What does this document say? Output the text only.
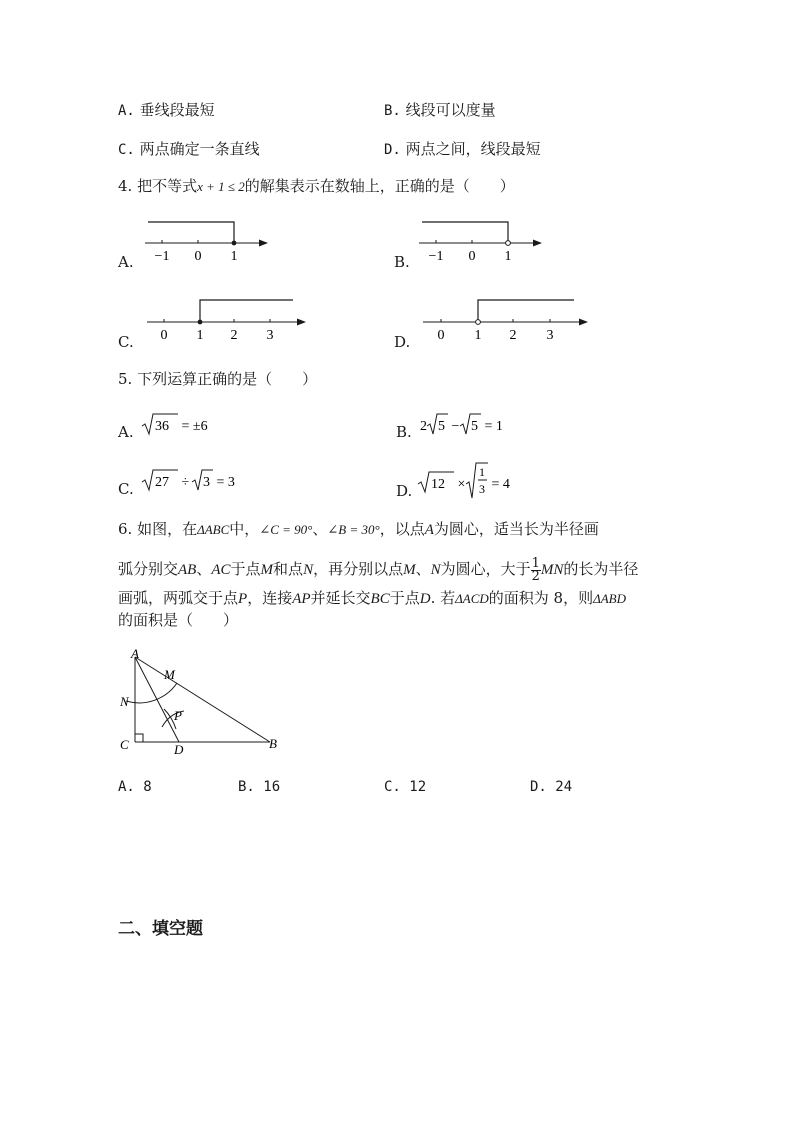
A. 垂线段最短	B. 线段可以度量
C. 两点确定一条直线	D. 两点之间，线段最短
4. 把不等式x + 1 ≤ 2的解集表示在数轴上，正确的是（　　）
A. −1 0 1	B. −1 0 1
C. 0 1 2 3	D. 0 1 2 3
5. 下列运算正确的是（　　）
A. 36 = ±6	B. 2 5 − 5 = 1
C. 27 ÷ 3 = 3	D. 12 ×
1
3 = 4
6. 如图，在ΔABC中，∠C = 90°、∠B = 30°，以点A为圆心，适当长为半径画
弧分别交AB、AC于点M和点N，再分别以点M、N为圆心，大于 $\frac{1}{2}$ MN的长为半径
画弧，两弧交于点P，连接AP并延长交BC于点D. 若ΔACD的面积为 8，则ΔABD
的面积是（　　）
A
M
N
P
C	D	B
A. 8	B. 16	C. 12	D. 24
二、填空题
